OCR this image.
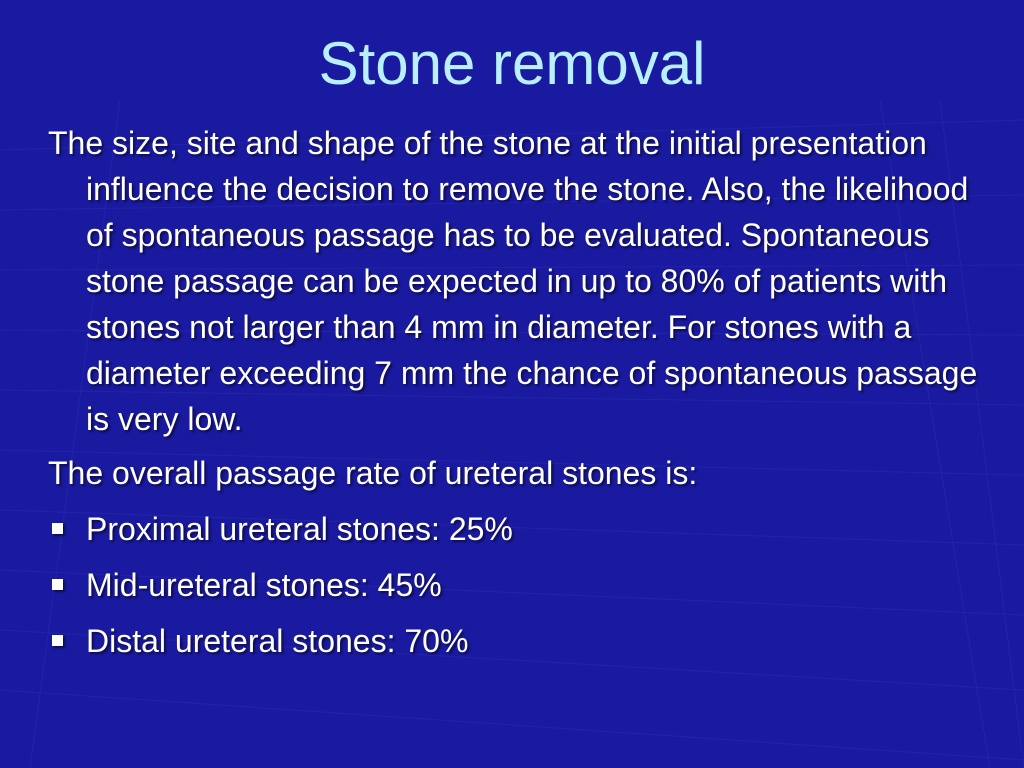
Stone removal

The size, site and shape of the stone at the initial presentation influence the decision to remove the stone. Also, the likelihood of spontaneous passage has to be evaluated. Spontaneous stone passage can be expected in up to 80% of patients with stones not larger than 4 mm in diameter. For stones with a diameter exceeding 7 mm the chance of spontaneous passage is very low.

The overall passage rate of ureteral stones is:

Proximal ureteral stones: 25%
Mid-ureteral stones: 45%
Distal ureteral stones: 70%
